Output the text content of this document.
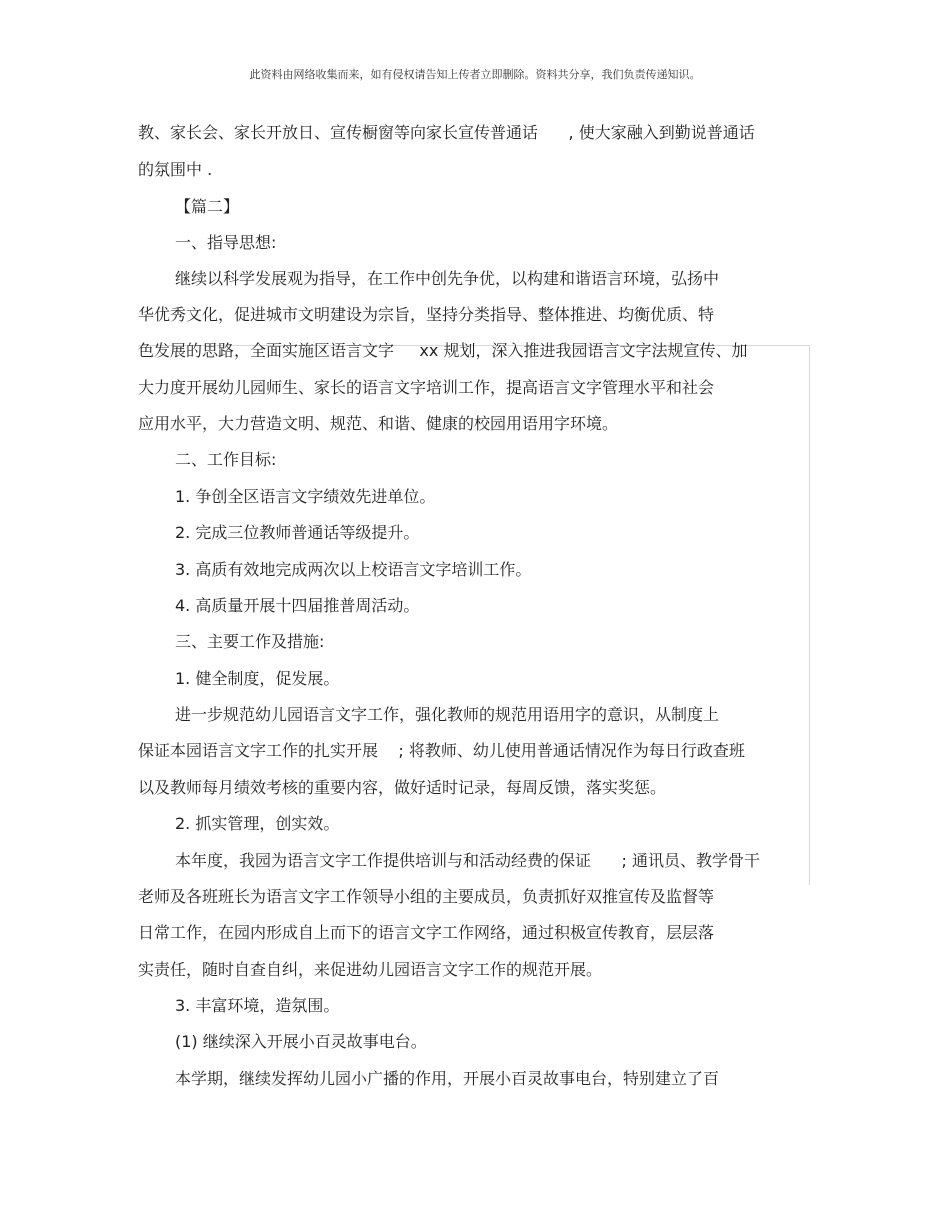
此资料由网络收集而来，如有侵权请告知上传者立即删除。资料共分享，我们负责传递知识。
教、家长会、家长开放日、宣传橱窗等向家长宣传普通话      , 使大家融入到勤说普通话
的氛围中 .
【篇二】
一、指导思想:
继续以科学发展观为指导，在工作中创先争优，以构建和谐语言环境，弘扬中
华优秀文化，促进城市文明建设为宗旨，坚持分类指导、整体推进、均衡优质、特
色发展的思路，全面实施区语言文字     xx 规划，深入推进我园语言文字法规宣传、加
大力度开展幼儿园师生、家长的语言文字培训工作，提高语言文字管理水平和社会
应用水平，大力营造文明、规范、和谐、健康的校园用语用字环境。
二、工作目标:
1. 争创全区语言文字绩效先进单位。
2. 完成三位教师普通话等级提升。
3. 高质有效地完成两次以上校语言文字培训工作。
4. 高质量开展十四届推普周活动。
三、主要工作及措施:
1. 健全制度，促发展。
进一步规范幼儿园语言文字工作，强化教师的规范用语用字的意识，从制度上
保证本园语言文字工作的扎实开展    ; 将教师、幼儿使用普通话情况作为每日行政查班
以及教师每月绩效考核的重要内容，做好适时记录，每周反馈，落实奖惩。
2. 抓实管理，创实效。
本年度，我园为语言文字工作提供培训与和活动经费的保证      ; 通讯员、教学骨干
老师及各班班长为语言文字工作领导小组的主要成员，负责抓好双推宣传及监督等
日常工作，在园内形成自上而下的语言文字工作网络，通过积极宣传教育，层层落
实责任，随时自查自纠，来促进幼儿园语言文字工作的规范开展。
3. 丰富环境，造氛围。
(1) 继续深入开展小百灵故事电台。
本学期，继续发挥幼儿园小广播的作用，开展小百灵故事电台，特别建立了百
